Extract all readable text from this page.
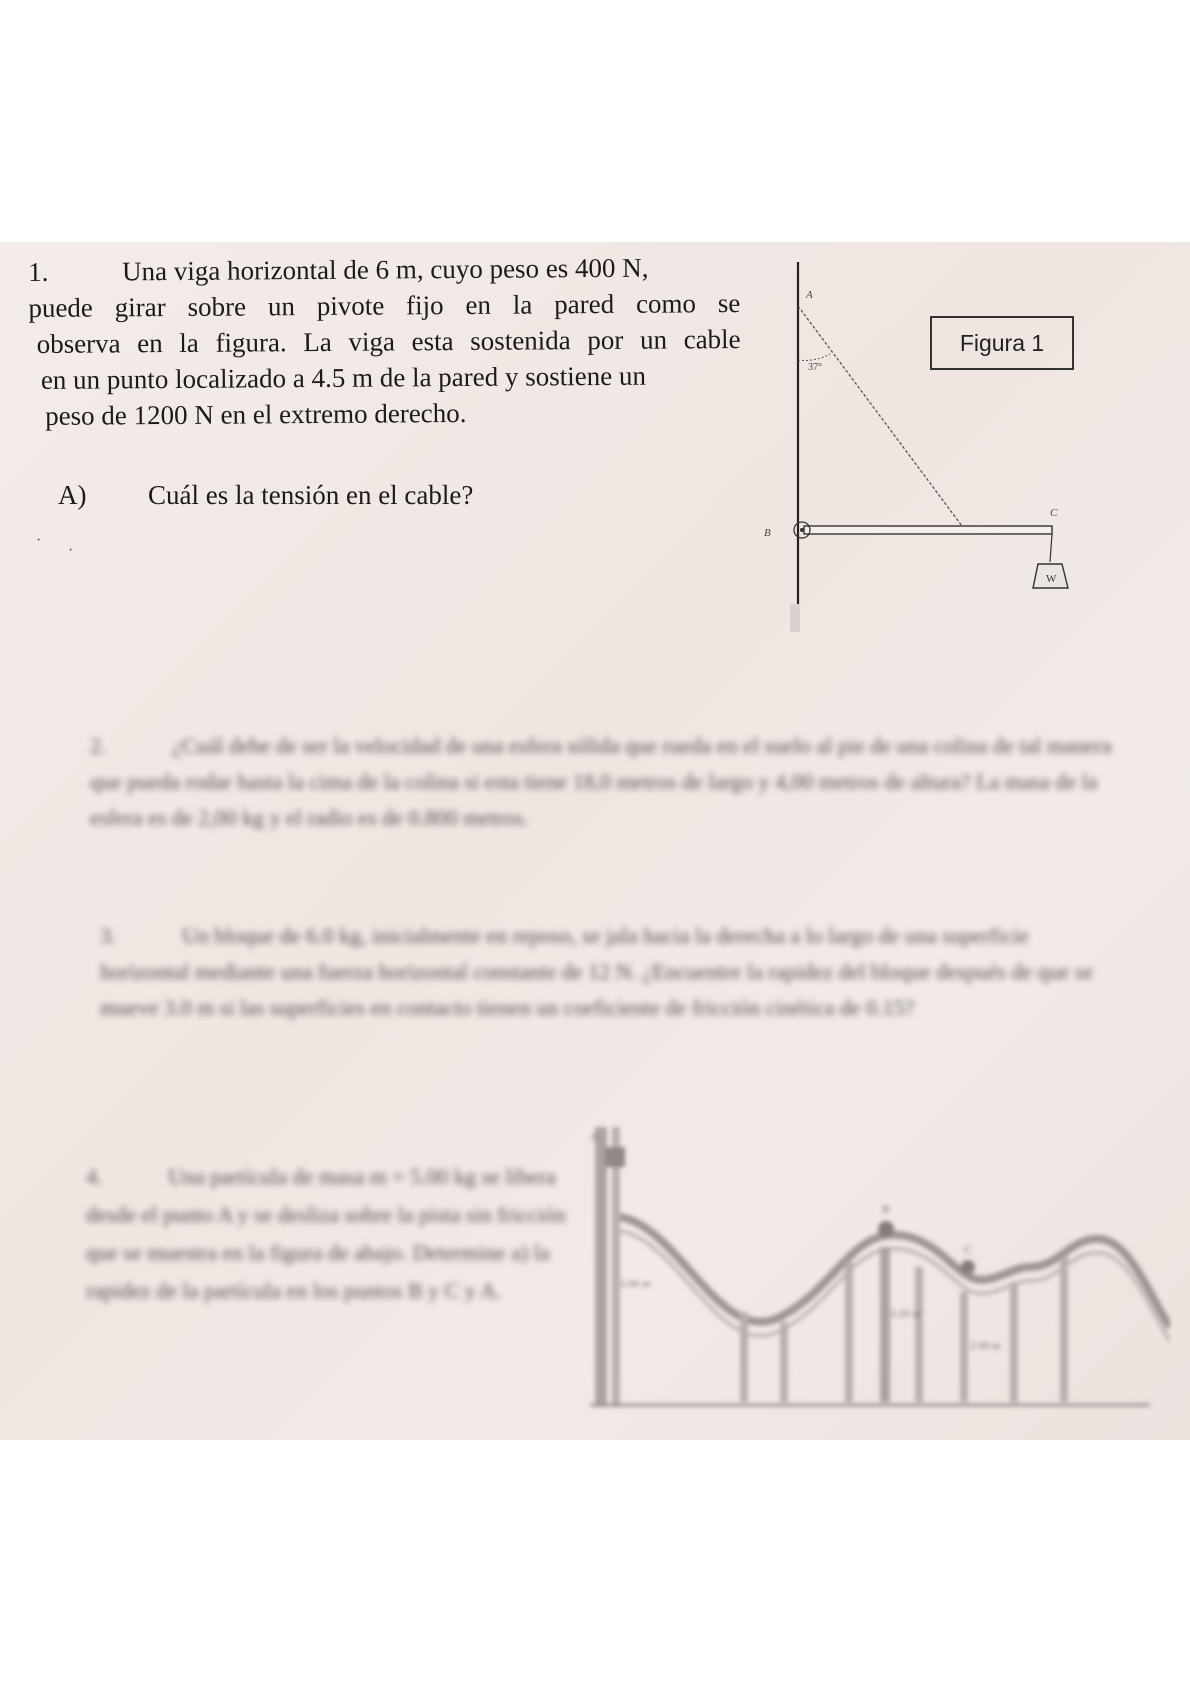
1.	Una viga horizontal de 6 m, cuyo peso es 400 N,
puede girar sobre un pivote fijo en la pared como se
observa en la figura. La viga esta sostenida por un cable
en un punto localizado a 4.5 m de la pared y sostiene un
peso de 1200 N en el extremo derecho.
A) Cuál es la tensión en el cable?
·
·
A
37°
B
C
W
Figura 1
2.	¿Cuál debe de ser la velocidad de una esfera sólida que rueda en el suelo al pie de una colina de tal manera que pueda rodar hasta la cima de la colina si esta tiene 18,0 metros de largo y 4,00 metros de altura? La masa de la esfera es de 2,00 kg y el radio es de 0.800 metros.
3.	Un bloque de 6.0 kg, inicialmente en reposo, se jala hacia la derecha a lo largo de una superficie horizontal mediante una fuerza horizontal constante de 12 N. ¿Encuentre la rapidez del bloque después de que se mueve 3.0 m si las superficies en contacto tienen un coeficiente de fricción cinética de 0.15?
4.	Una partícula de masa m = 5.00 kg se libera desde el punto A y se desliza sobre la pista sin fricción que se muestra en la figura de abajo. Determine a) la rapidez de la partícula en los puntos B y C y A.
A
B
C
5.00 m
3.20 m
2.00 m
